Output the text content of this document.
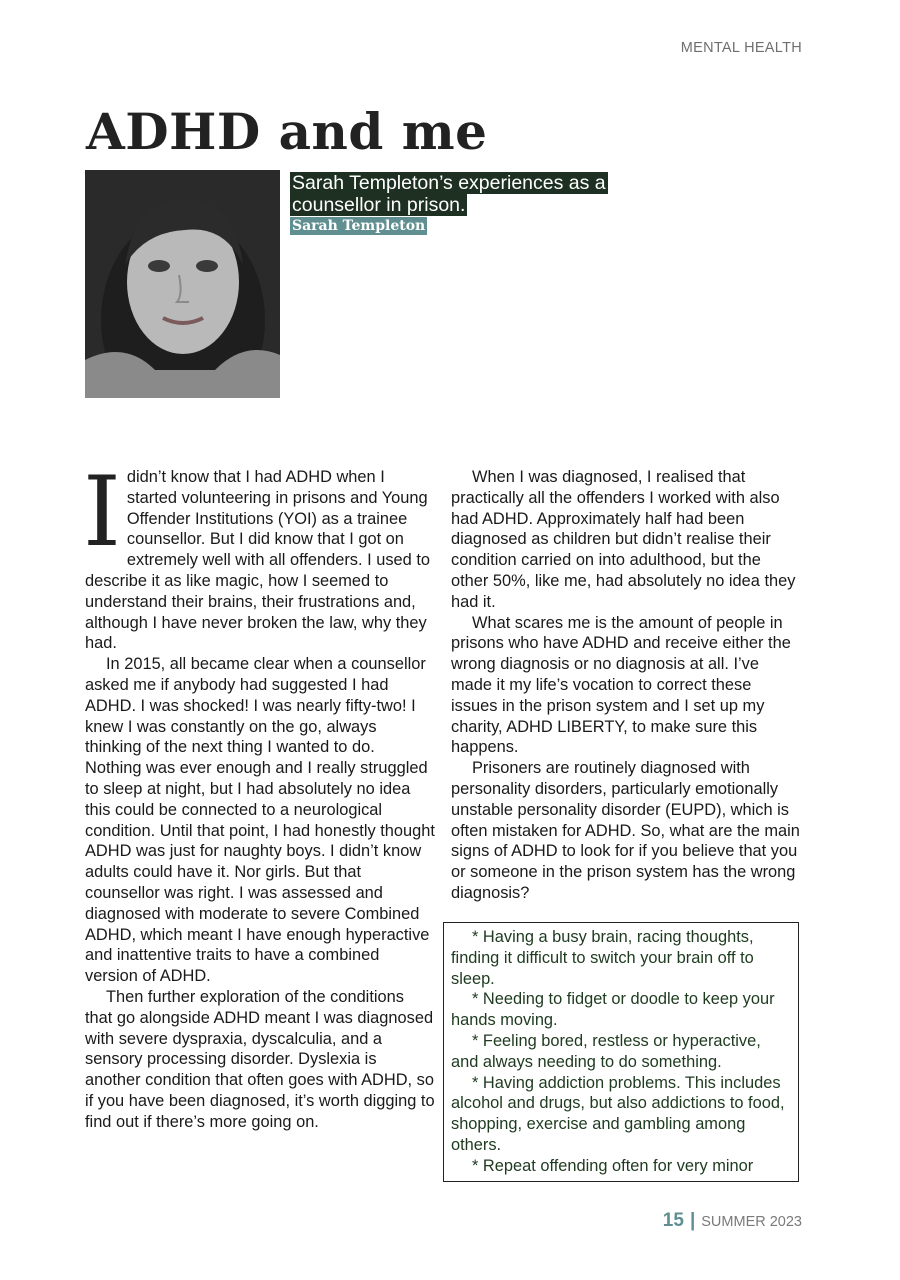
MENTAL HEALTH
ADHD and me
Sarah Templeton’s experiences as a
counsellor in prison.
Sarah Templeton
I didn’t know that I had ADHD when I started volunteering in prisons and Young Offender Institutions (YOI) as a trainee counsellor. But I did know that I got on extremely well with all offenders. I used to describe it as like magic, how I seemed to understand their brains, their frustrations and, although I have never broken the law, why they had.

In 2015, all became clear when a counsellor asked me if anybody had suggested I had ADHD. I was shocked! I was nearly fifty-two! I knew I was constantly on the go, always thinking of the next thing I wanted to do. Nothing was ever enough and I really struggled to sleep at night, but I had absolutely no idea this could be connected to a neurological condition. Until that point, I had honestly thought ADHD was just for naughty boys. I didn’t know adults could have it. Nor girls. But that counsellor was right. I was assessed and diagnosed with moderate to severe Combined ADHD, which meant I have enough hyperactive and inattentive traits to have a combined version of ADHD.

Then further exploration of the conditions that go alongside ADHD meant I was diagnosed with severe dyspraxia, dyscalculia, and a sensory processing disorder. Dyslexia is another condition that often goes with ADHD, so if you have been diagnosed, it’s worth digging to find out if there’s more going on.

When I was diagnosed, I realised that practically all the offenders I worked with also had ADHD. Approximately half had been diagnosed as children but didn’t realise their condition carried on into adulthood, but the other 50%, like me, had absolutely no idea they had it.

What scares me is the amount of people in prisons who have ADHD and receive either the wrong diagnosis or no diagnosis at all. I’ve made it my life’s vocation to correct these issues in the prison system and I set up my charity, ADHD LIBERTY, to make sure this happens.

Prisoners are routinely diagnosed with personality disorders, particularly emotionally unstable personality disorder (EUPD), which is often mistaken for ADHD. So, what are the main signs of ADHD to look for if you believe that you or someone in the prison system has the wrong diagnosis?

* Having a busy brain, racing thoughts, finding it difficult to switch your brain off to sleep.

* Needing to fidget or doodle to keep your hands moving.

* Feeling bored, restless or hyperactive, and always needing to do something.

* Having addiction problems. This includes alcohol and drugs, but also addictions to food, shopping, exercise and gambling among others.

* Repeat offending often for very minor

15 | SUMMER 2023
